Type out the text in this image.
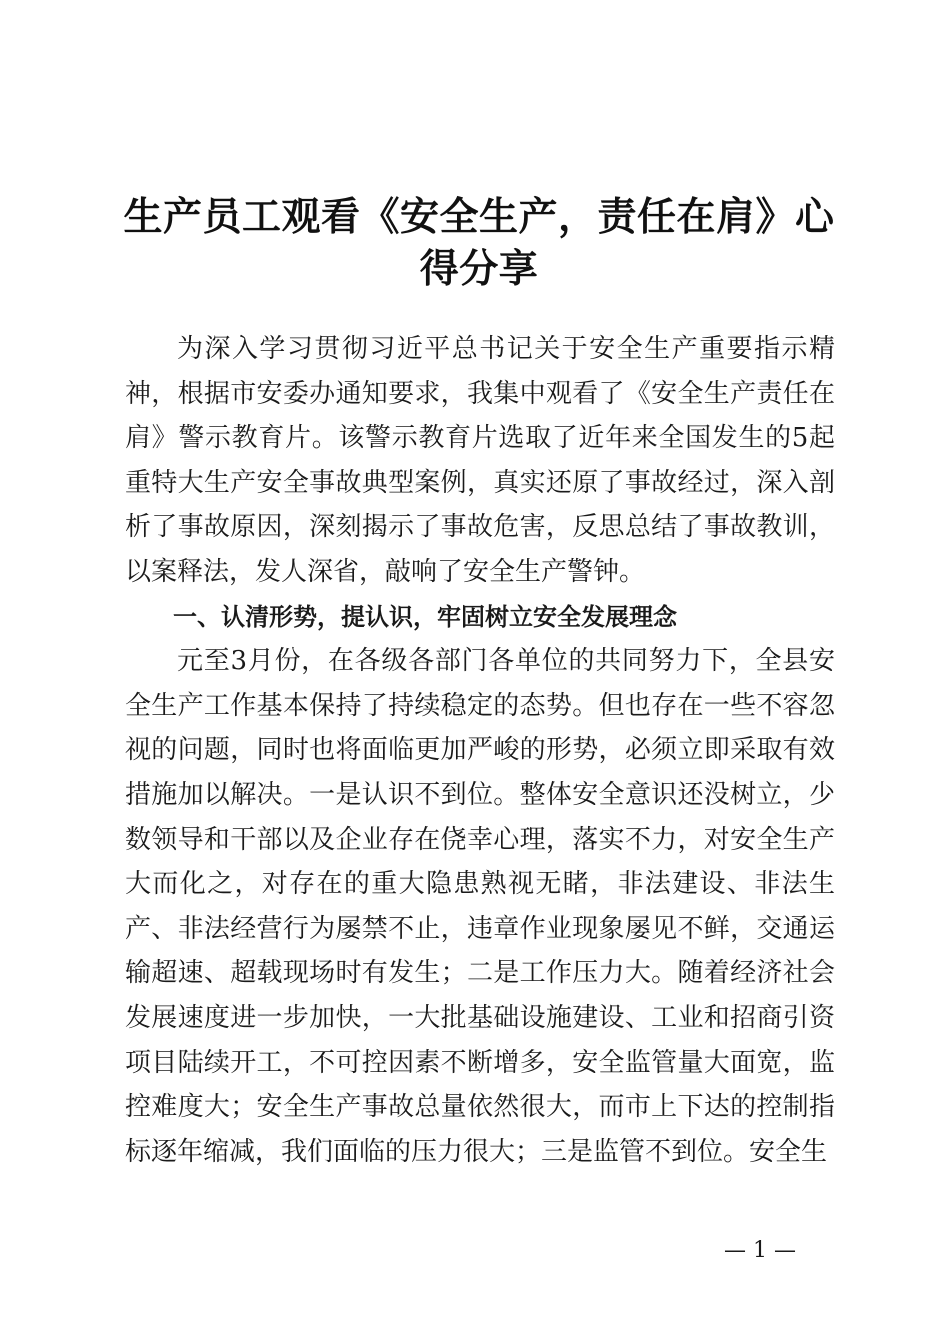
生产员工观看《安全生产，责任在肩》心得分享

为深入学习贯彻习近平总书记关于安全生产重要指示精神，根据市安委办通知要求，我集中观看了《安全生产责任在肩》警示教育片。该警示教育片选取了近年来全国发生的5起重特大生产安全事故典型案例，真实还原了事故经过，深入剖析了事故原因，深刻揭示了事故危害，反思总结了事故教训，以案释法，发人深省，敲响了安全生产警钟。

一、认清形势，提认识，牢固树立安全发展理念

元至3月份，在各级各部门各单位的共同努力下，全县安全生产工作基本保持了持续稳定的态势。但也存在一些不容忽视的问题，同时也将面临更加严峻的形势，必须立即采取有效措施加以解决。一是认识不到位。整体安全意识还没树立，少数领导和干部以及企业存在侥幸心理，落实不力，对安全生产大而化之，对存在的重大隐患熟视无睹，非法建设、非法生产、非法经营行为屡禁不止，违章作业现象屡见不鲜，交通运输超速、超载现场时有发生；二是工作压力大。随着经济社会发展速度进一步加快，一大批基础设施建设、工业和招商引资项目陆续开工，不可控因素不断增多，安全监管量大面宽，监控难度大；安全生产事故总量依然很大，而市上下达的控制指标逐年缩减，我们面临的压力很大；三是监管不到位。安全生

— 1 —
